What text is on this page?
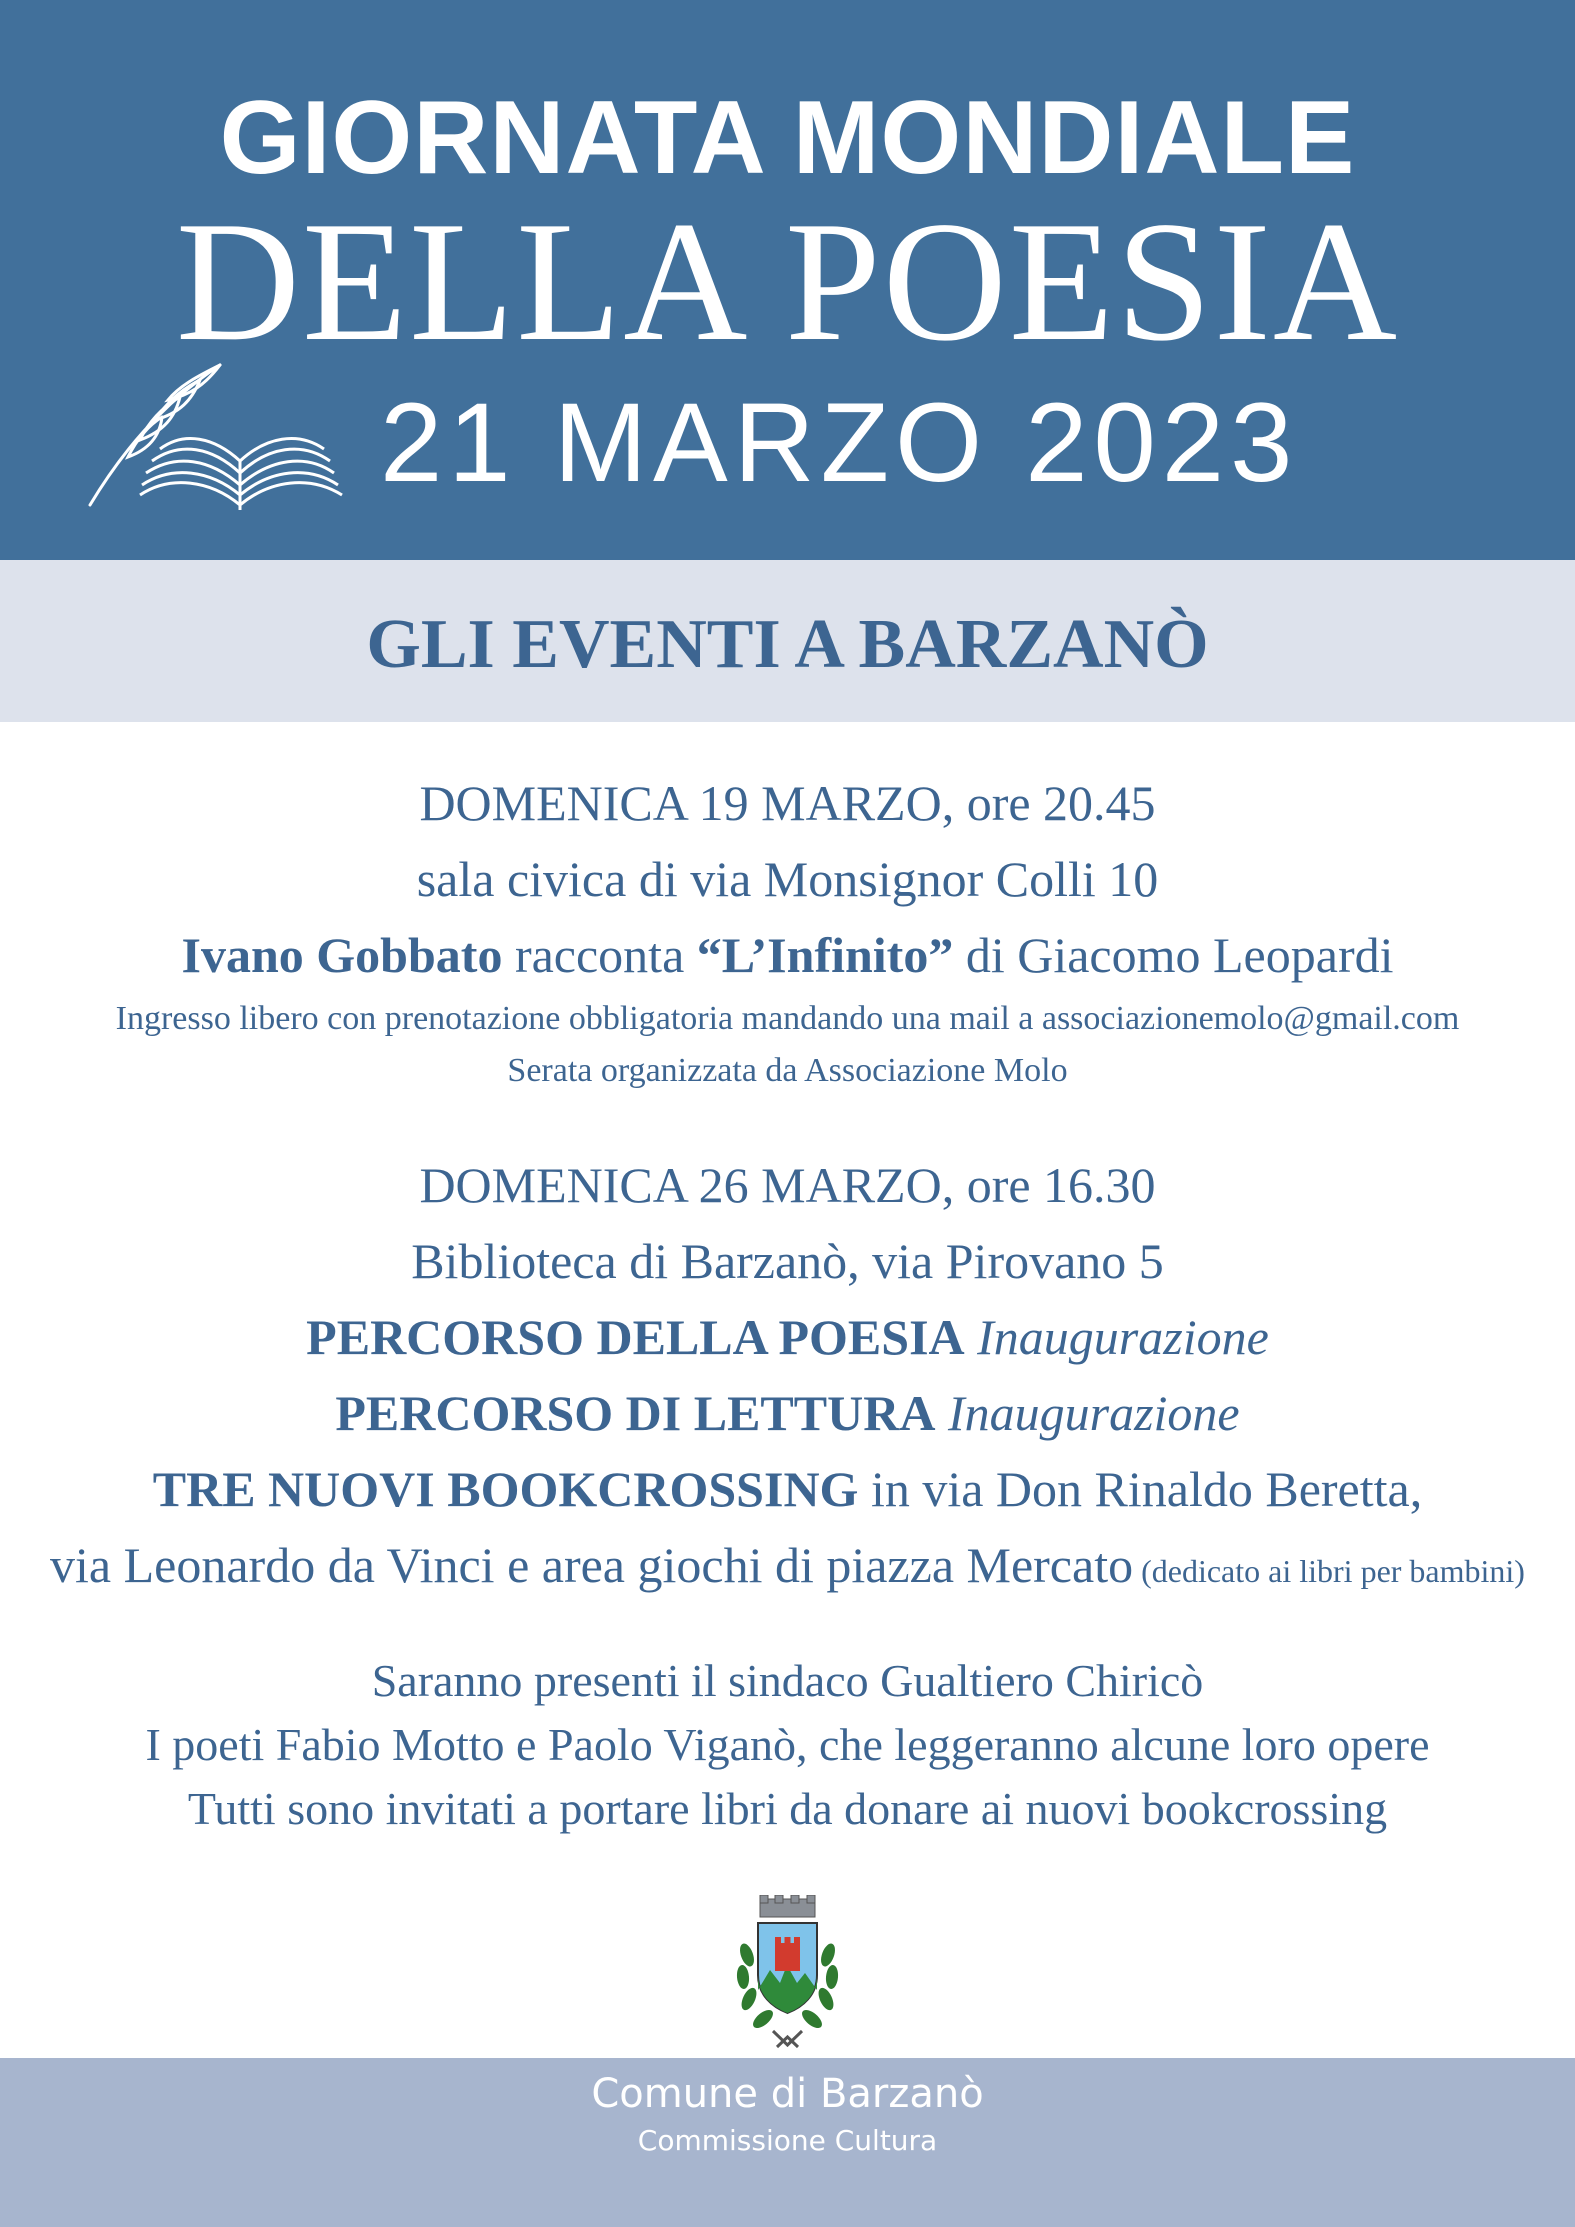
GIORNATA MONDIALE
DELLA POESIA
21 MARZO 2023
GLI EVENTI A BARZANÒ
DOMENICA 19 MARZO, ore 20.45
sala civica di via Monsignor Colli 10
Ivano Gobbato racconta “L’Infinito” di Giacomo Leopardi
Ingresso libero con prenotazione obbligatoria mandando una mail a associazionemolo@gmail.com
Serata organizzata da Associazione Molo
DOMENICA 26 MARZO, ore 16.30
Biblioteca di Barzanò, via Pirovano 5
PERCORSO DELLA POESIA Inaugurazione
PERCORSO DI LETTURA Inaugurazione
TRE NUOVI BOOKCROSSING in via Don Rinaldo Beretta,
via Leonardo da Vinci e area giochi di piazza Mercato (dedicato ai libri per bambini)
Saranno presenti il sindaco Gualtiero Chiricò
I poeti Fabio Motto e Paolo Viganò, che leggeranno alcune loro opere
Tutti sono invitati a portare libri da donare ai nuovi bookcrossing
Comune di Barzanò
Commissione Cultura
